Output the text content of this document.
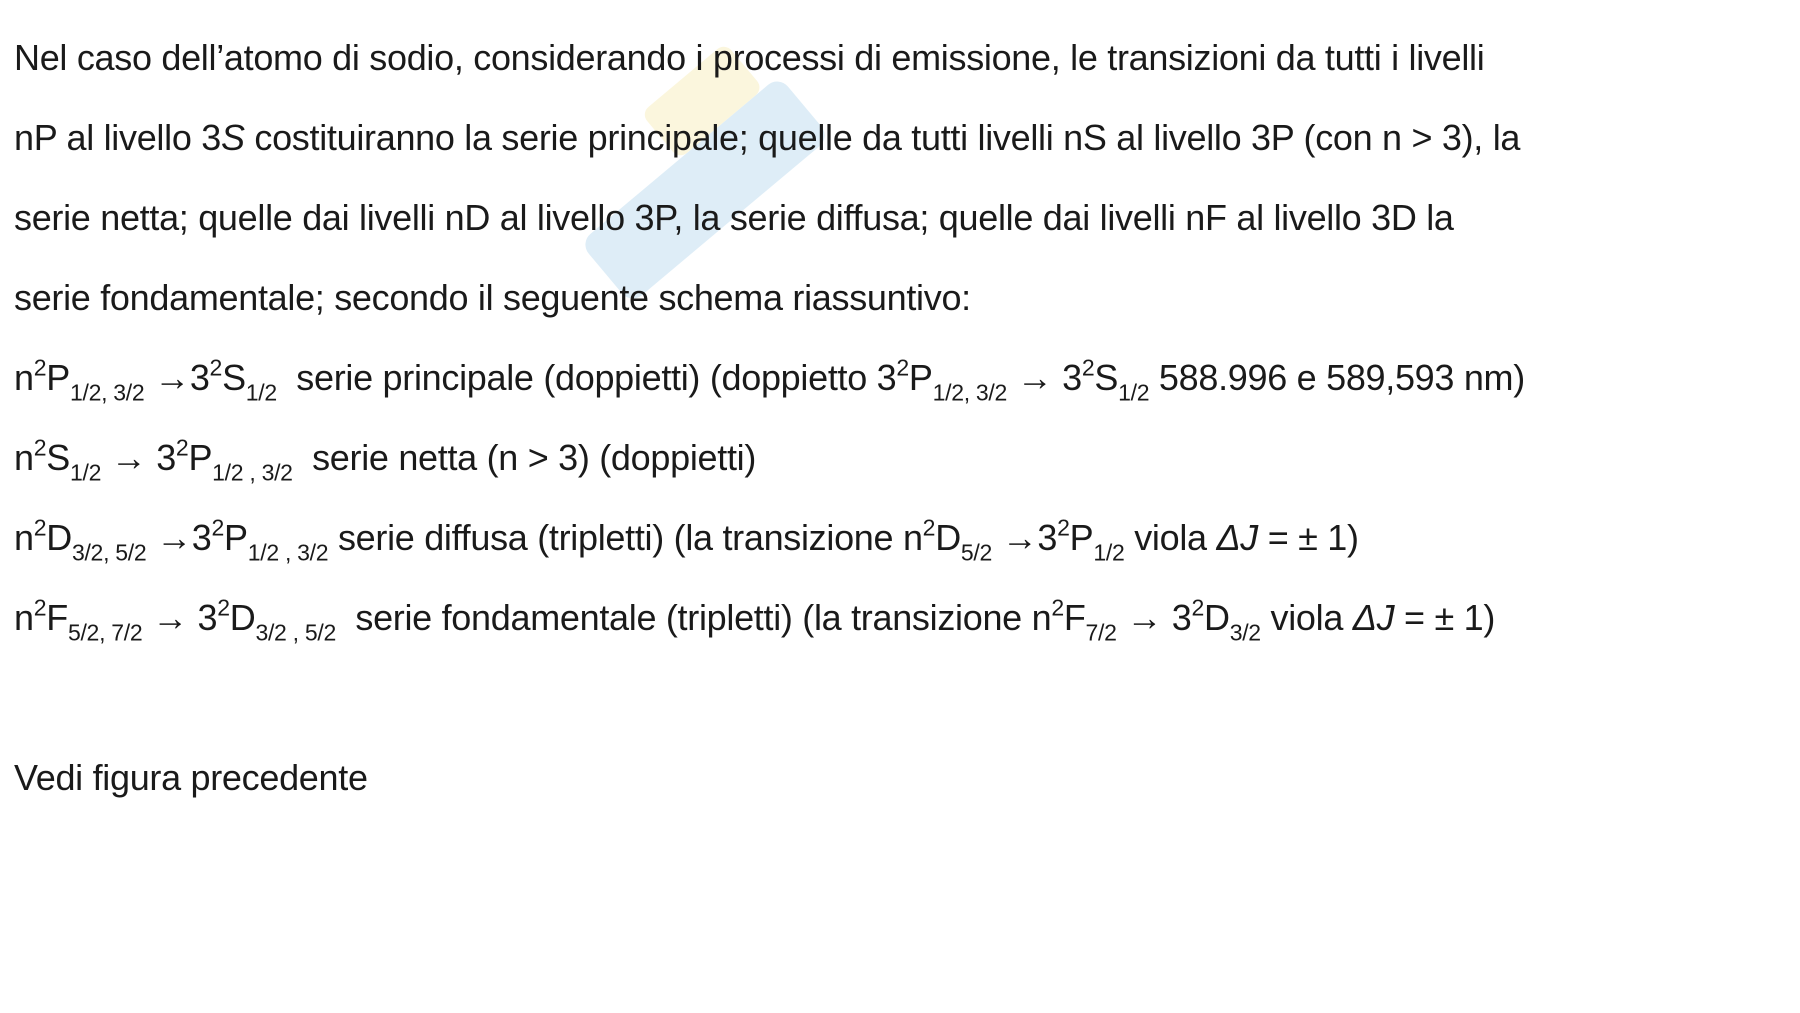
Nel caso dell’atomo di sodio, considerando i processi di emissione, le transizioni da tutti i livelli
nP al livello 3S costituiranno la serie principale; quelle da tutti livelli nS al livello 3P (con n > 3), la
serie netta; quelle dai livelli nD al livello 3P, la serie diffusa; quelle dai livelli nF al livello 3D la
serie fondamentale; secondo il seguente schema riassuntivo:
$n^2P_{1/2, 3/2} \to 3^2S_{1/2}$  serie principale (doppietti) (doppietto $3^2P_{1/2, 3/2} \to 3^2S_{1/2}$ 588.996 e 589,593 nm)
$n^2S_{1/2} \to 3^2P_{1/2 , 3/2}$  serie netta (n > 3) (doppietti)
$n^2D_{3/2, 5/2} \to 3^2P_{1/2 , 3/2}$ serie diffusa (tripletti) (la transizione $n^2D_{5/2} \to 3^2P_{1/2}$ viola ΔJ = ± 1)
$n^2F_{5/2, 7/2} \to 3^2D_{3/2 , 5/2}$  serie fondamentale (tripletti) (la transizione $n^2F_{7/2} \to 3^2D_{3/2}$ viola ΔJ = ± 1)
Vedi figura precedente
